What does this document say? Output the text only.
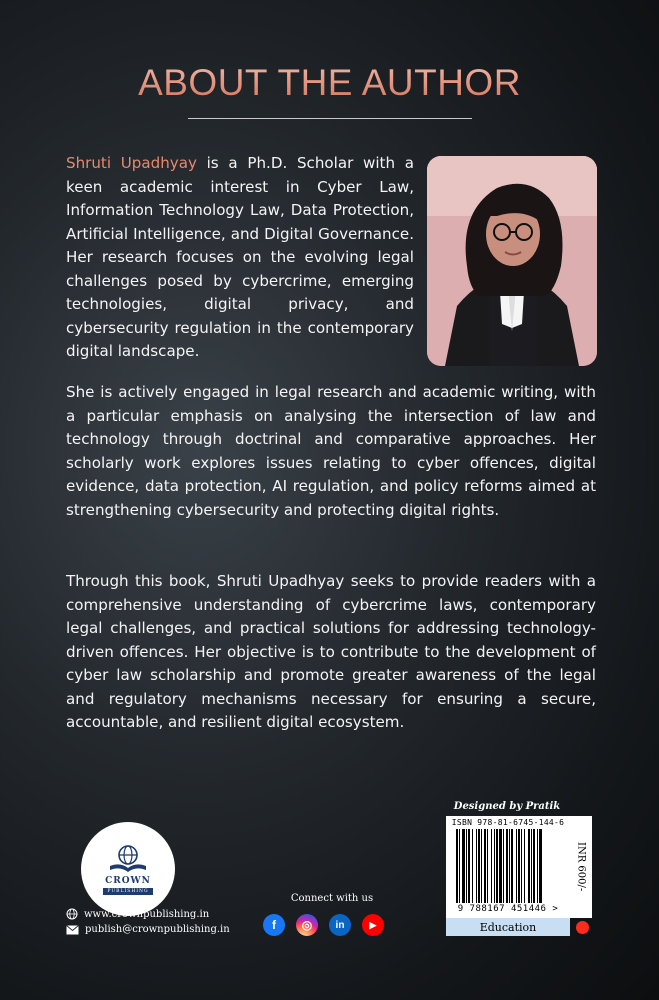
ABOUT THE AUTHOR

Shruti Upadhyay is a Ph.D. Scholar with a keen academic interest in Cyber Law, Information Technology Law, Data Protection, Artificial Intelligence, and Digital Governance. Her research focuses on the evolving legal challenges posed by cybercrime, emerging technologies, digital privacy, and cybersecurity regulation in the contemporary digital landscape.

She is actively engaged in legal research and academic writing, with a particular emphasis on analysing the intersection of law and technology through doctrinal and comparative approaches. Her scholarly work explores issues relating to cyber offences, digital evidence, data protection, AI regulation, and policy reforms aimed at strengthening cybersecurity and protecting digital rights.

Through this book, Shruti Upadhyay seeks to provide readers with a comprehensive understanding of cybercrime laws, contemporary legal challenges, and practical solutions for addressing technology-driven offences. Her objective is to contribute to the development of cyber law scholarship and promote greater awareness of the legal and regulatory mechanisms necessary for ensuring a secure, accountable, and resilient digital ecosystem.

CROWN
PUBLISHING
www.crownpublishing.in
publish@crownpublishing.in
Connect with us
f	◎	in	▶
Designed by Pratik
ISBN 978-81-6745-144-6
9 788167 451446 >
INR 600/-
Education
